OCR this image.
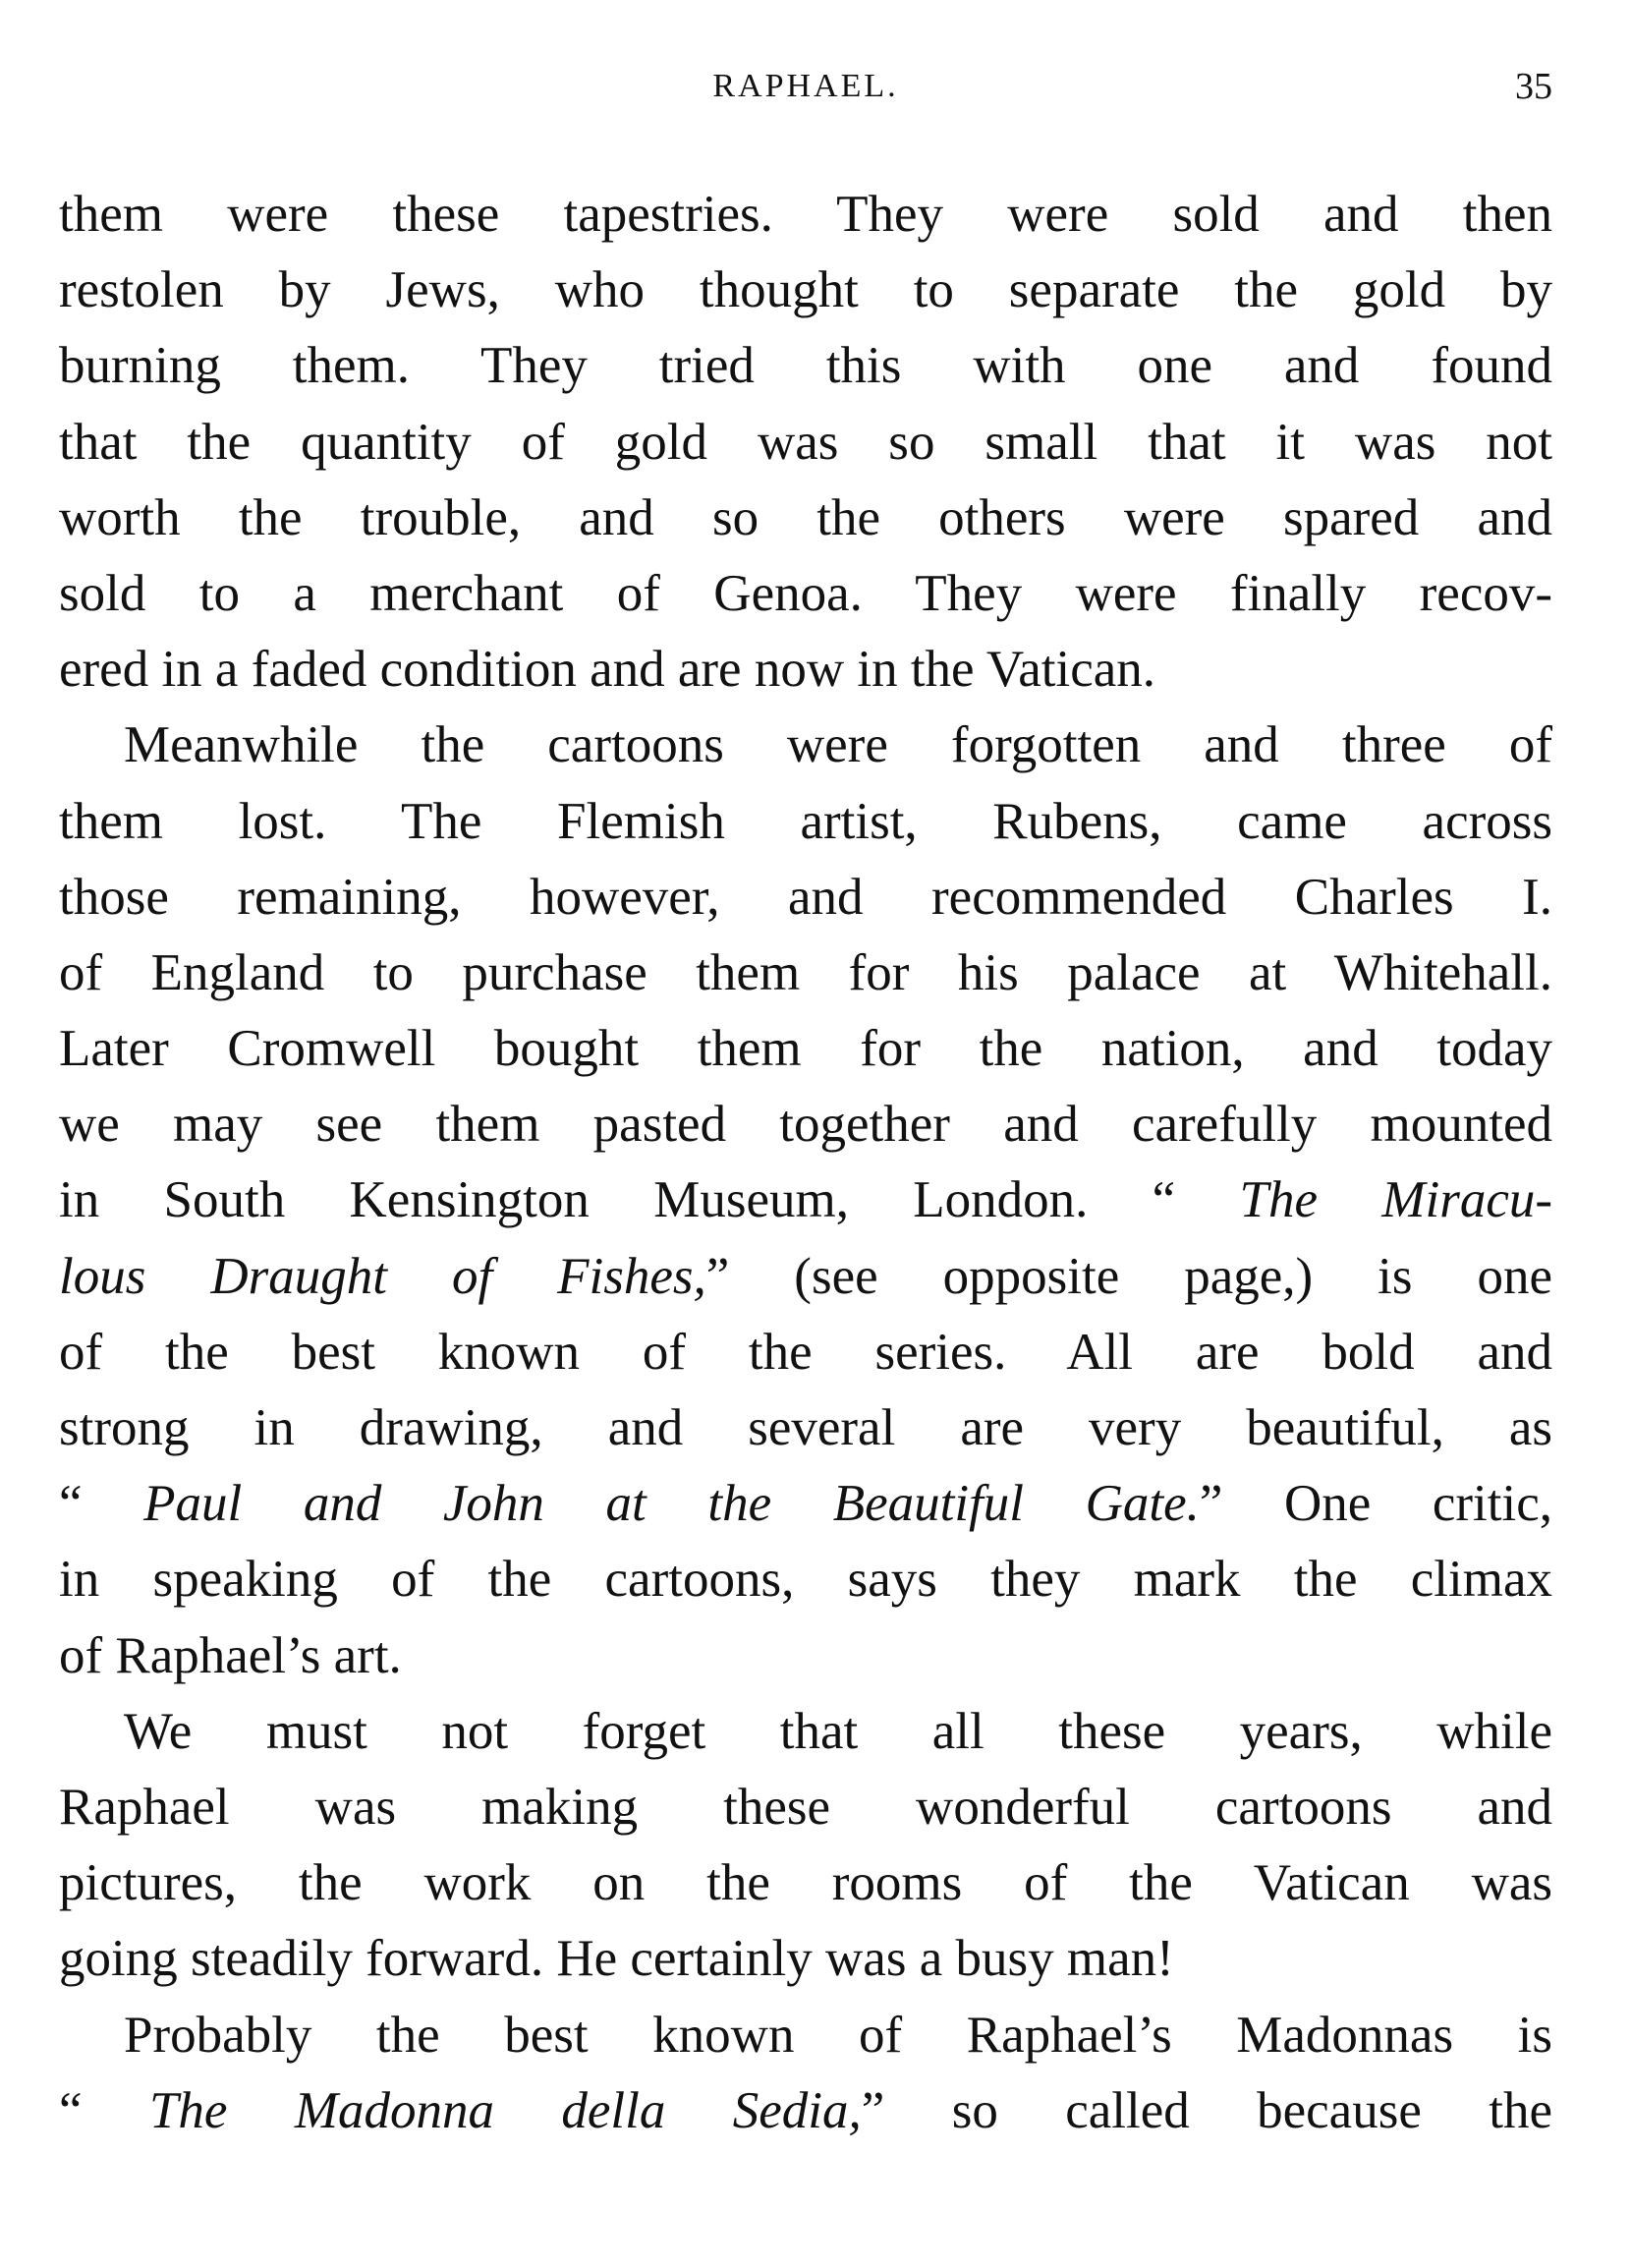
RAPHAEL.	35
them were these tapestries. They were sold and then
restolen by Jews, who thought to separate the gold by
burning them. They tried this with one and found
that the quantity of gold was so small that it was not
worth the trouble, and so the others were spared and
sold to a merchant of Genoa. They were finally recov-
ered in a faded condition and are now in the Vatican.
Meanwhile the cartoons were forgotten and three of
them lost. The Flemish artist, Rubens, came across
those remaining, however, and recommended Charles I.
of England to purchase them for his palace at Whitehall.
Later Cromwell bought them for the nation, and today
we may see them pasted together and carefully mounted
in South Kensington Museum, London. “ The Miracu-
lous Draught of Fishes,” (see opposite page,) is one
of the best known of the series. All are bold and
strong in drawing, and several are very beautiful, as
“ Paul and John at the Beautiful Gate.” One critic,
in speaking of the cartoons, says they mark the climax
of Raphael’s art.
We must not forget that all these years, while
Raphael was making these wonderful cartoons and
pictures, the work on the rooms of the Vatican was
going steadily forward. He certainly was a busy man!
Probably the best known of Raphael’s Madonnas is
“ The Madonna della Sedia,” so called because the
